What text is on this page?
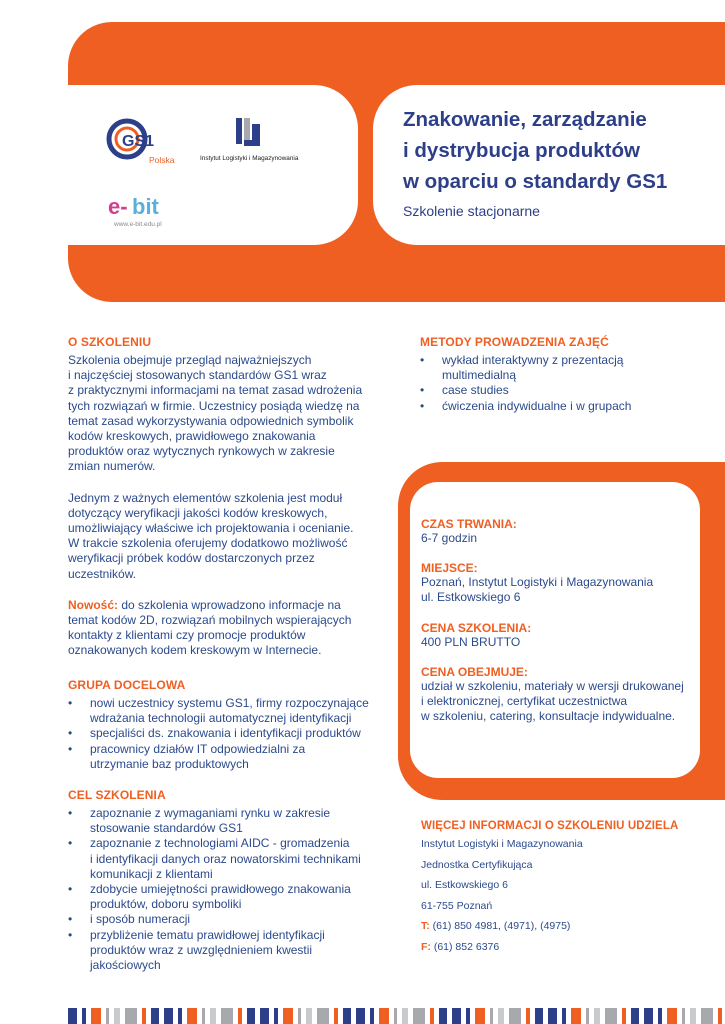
GS1
Polska	Instytut Logistyki i Magazynowania
e- bit
www.e-bit.edu.pl
Znakowanie, zarządzanie
i dystrybucja produktów
w oparciu o standardy GS1
Szkolenie stacjonarne
O SZKOLENIU
Szkolenia obejmuje przegląd najważniejszych
i najczęściej stosowanych standardów GS1 wraz
z praktycznymi informacjami na temat zasad wdrożenia
tych rozwiązań w firmie. Uczestnicy posiądą wiedzę na
temat zasad wykorzystywania odpowiednich symbolik
kodów kreskowych, prawidłowego znakowania
produktów oraz wytycznych rynkowych w zakresie
zmian numerów.
Jednym z ważnych elementów szkolenia jest moduł
dotyczący weryfikacji jakości kodów kreskowych,
umożliwiający właściwe ich projektowania i ocenianie.
W trakcie szkolenia oferujemy dodatkowo możliwość
weryfikacji próbek kodów dostarczonych przez
uczestników.
Nowość: do szkolenia wprowadzono informacje na
temat kodów 2D, rozwiązań mobilnych wspierających
kontakty z klientami czy promocje produktów
oznakowanych kodem kreskowym w Internecie.
GRUPA DOCELOWA
• nowi uczestnicy systemu GS1, firmy rozpoczynające
wdrażania technologii automatycznej identyfikacji
• specjaliści ds. znakowania i identyfikacji produktów
• pracownicy działów IT odpowiedzialni za
utrzymanie baz produktowych
CEL SZKOLENIA
• zapoznanie z wymaganiami rynku w zakresie
stosowanie standardów GS1
• zapoznanie z technologiami AIDC - gromadzenia
i identyfikacji danych oraz nowatorskimi technikami
komunikacji z klientami
• zdobycie umiejętności prawidłowego znakowania
produktów, doboru symboliki
• i sposób numeracji
• przybliżenie tematu prawidłowej identyfikacji
produktów wraz z uwzględnieniem kwestii
jakościowych
METODY PROWADZENIA ZAJĘĆ
• wykład interaktywny z prezentacją
multimedialną
• case studies
• ćwiczenia indywidualne i w grupach
CZAS TRWANIA:
6-7 godzin
MIEJSCE:
Poznań, Instytut Logistyki i Magazynowania
ul. Estkowskiego 6
CENA SZKOLENIA:
400 PLN BRUTTO
CENA OBEJMUJE:
udział w szkoleniu, materiały w wersji drukowanej
i elektronicznej, certyfikat uczestnictwa
w szkoleniu, catering, konsultacje indywidualne.
WIĘCEJ INFORMACJI O SZKOLENIU UDZIELA
Instytut Logistyki i Magazynowania
Jednostka Certyfikująca
ul. Estkowskiego 6
61-755 Poznań
T: (61) 850 4981, (4971), (4975)
F: (61) 852 6376
